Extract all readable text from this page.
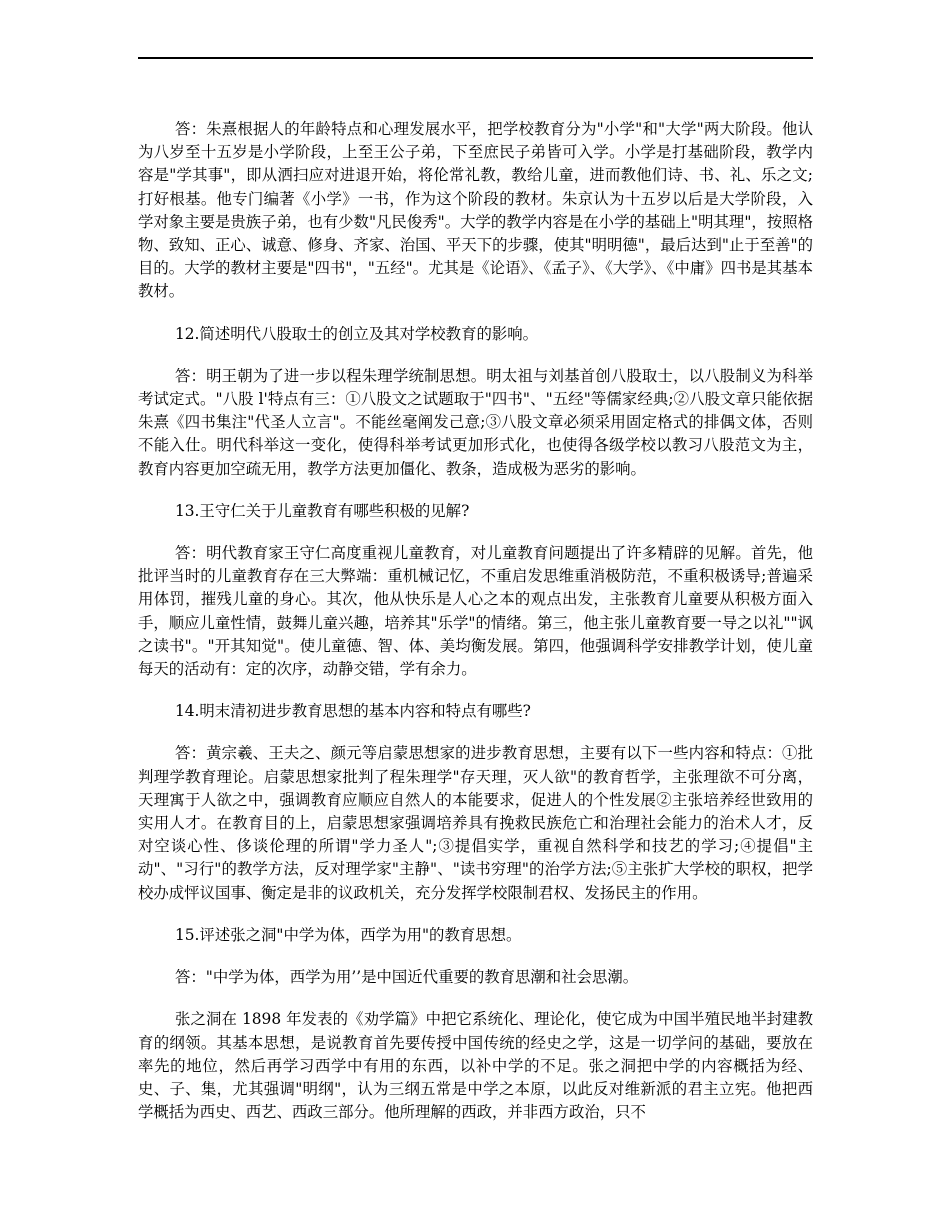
答：朱熹根据人的年龄特点和心理发展水平，把学校教育分为"小学"和"大学"两大阶段。他认为八岁至十五岁是小学阶段，上至王公子弟，下至庶民子弟皆可入学。小学是打基础阶段，教学内容是"学其事"，即从洒扫应对进退开始，将伦常礼教，教给儿童，进而教他们诗、书、礼、乐之文;打好根基。他专门编著《小学》一书，作为这个阶段的教材。朱京认为十五岁以后是大学阶段，入学对象主要是贵族子弟，也有少数"凡民俊秀"。大学的教学内容是在小学的基础上"明其理"，按照格物、致知、正心、诚意、修身、齐家、治国、平天下的步骤，使其"明明德"，最后达到"止于至善"的目的。大学的教材主要是"四书"，"五经"。尤其是《论语》、《孟子》、《大学》、《中庸》四书是其基本教材。

12.简述明代八股取士的创立及其对学校教育的影响。

答：明王朝为了进一步以程朱理学统制思想。明太祖与刘基首创八股取士，以八股制义为科举考试定式。"八股 l'特点有三：①八股文之试题取于"四书"、"五经"等儒家经典;②八股文章只能依据朱熹《四书集注"代圣人立言"。不能丝毫阐发己意;③八股文章必须采用固定格式的排偶文体，否则不能入仕。明代科举这一变化，使得科举考试更加形式化，也使得各级学校以教习八股范文为主，教育内容更加空疏无用，教学方法更加僵化、教条，造成极为恶劣的影响。

13.王守仁关于儿童教育有哪些积极的见解?

答：明代教育家王守仁高度重视儿童教育，对儿童教育问题提出了许多精辟的见解。首先，他批评当时的儿童教育存在三大弊端：重机械记忆，不重启发思维重消极防范，不重积极诱导;普遍采用体罚，摧残儿童的身心。其次，他从快乐是人心之本的观点出发，主张教育儿童要从积极方面入手，顺应儿童性情，鼓舞儿童兴趣，培养其"乐学"的情绪。第三，他主张儿童教育要一导之以礼""讽之读书"。"开其知觉"。使儿童德、智、体、美均衡发展。第四，他强调科学安排教学计划，使儿童每天的活动有：定的次序，动静交错，学有余力。

14.明末清初进步教育思想的基本内容和特点有哪些?

答：黄宗羲、王夫之、颜元等启蒙思想家的进步教育思想，主要有以下一些内容和特点：①批判理学教育理论。启蒙思想家批判了程朱理学"存天理，灭人欲"的教育哲学，主张理欲不可分离，天理寓于人欲之中，强调教育应顺应自然人的本能要求，促进人的个性发展②主张培养经世致用的实用人才。在教育目的上，启蒙思想家强调培养具有挽救民族危亡和治理社会能力的治术人才，反对空谈心性、侈谈伦理的所谓"学力圣人";③提倡实学，重视自然科学和技艺的学习;④提倡"主动"、"习行"的教学方法，反对理学家"主静"、"读书穷理"的治学方法;⑤主张扩大学校的职权，把学校办成怦议国事、衡定是非的议政机关，充分发挥学校限制君权、发扬民主的作用。

15.评述张之洞"中学为体，西学为用"的教育思想。

答："中学为体，西学为用’’是中国近代重要的教育思潮和社会思潮。

张之洞在 1898 年发表的《劝学篇》中把它系统化、理论化，使它成为中国半殖民地半封建教育的纲领。其基本思想，是说教育首先要传授中国传统的经史之学，这是一切学问的基础，要放在率先的地位，然后再学习西学中有用的东西，以补中学的不足。张之洞把中学的内容概括为经、史、子、集，尤其强调"明纲"，认为三纲五常是中学之本原，以此反对维新派的君主立宪。他把西学概括为西史、西艺、西政三部分。他所理解的西政，并非西方政治，只不
